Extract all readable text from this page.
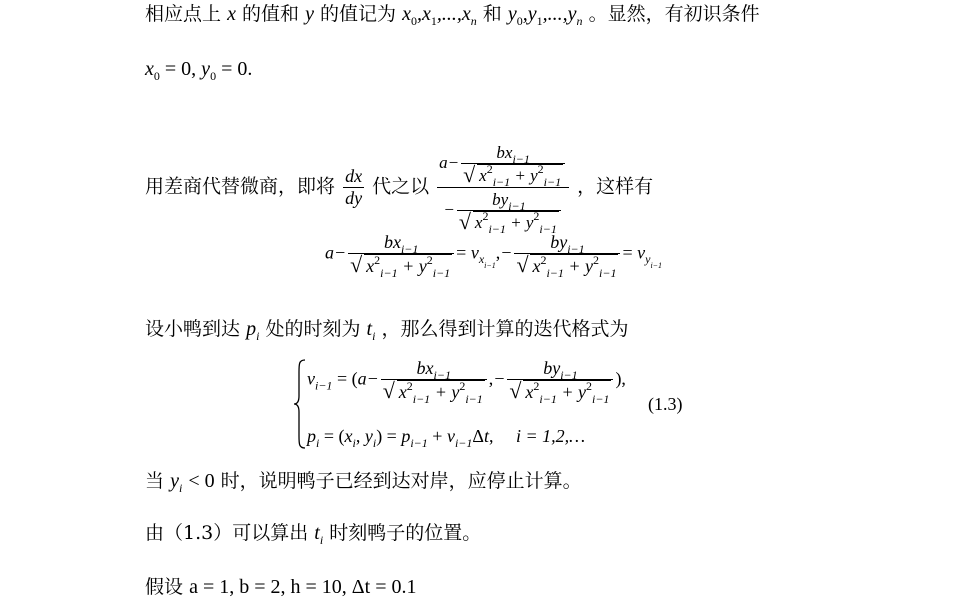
相应点上 x 的值和 y 的值记为 $x_0,x_1,...,x_n$ 和 $y_0,y_1,...,y_n$ 。显然，有初识条件
$x_0 = 0$, $y_0 = 0$.
用差商代替微商，即将 $\frac{dx}{dy}$ 代之以 $a- bx_{i-1}$
√ $x^2_{i-1} + y^2_{i-1}$
− $by_{i-1}$
√ $x^2_{i-1} + y^2_{i-1}$ ，这样有
$a- bx_{i-1}$
√ $x^2_{i-1} + y^2_{i-1} = v_{x_{i-1}},- by_{i-1}$
√ $x^2_{i-1} + y^2_{i-1} = v_{y_{i-1}}$
设小鸭到达 $p_i$ 处的时刻为 $t_i$ ，那么得到计算的迭代格式为
$v_{i-1} = (a- bx_{i-1}$
√ $x^2_{i-1} + y^2_{i-1}$ ,− $by_{i-1}$
√ $x^2_{i-1} + y^2_{i-1}$ ),
(1.3)
$p_i = (x_i$, $y_i) = p_{i-1} + v_{i-1}\Delta t$, i = 1,2,…
当 $y_i < 0$ 时，说明鸭子已经到达对岸，应停止计算。
由（1.3）可以算出 $t_i$ 时刻鸭子的位置。
假设 a = 1, b = 2, h = 10, Δt = 0.1
